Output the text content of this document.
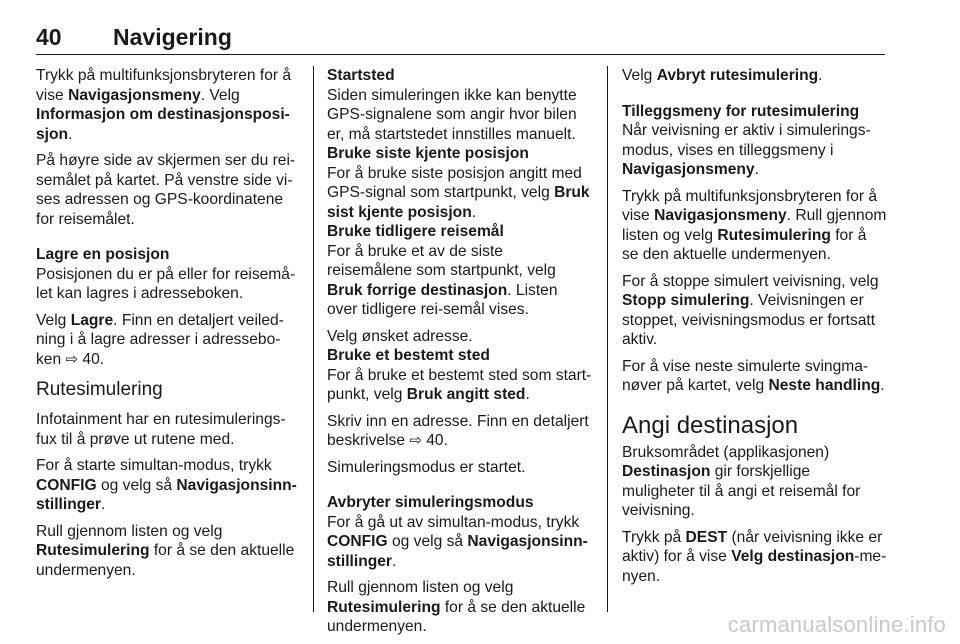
40 Navigering

Trykk på multifunksjonsbryteren for å vise Navigasjonsmeny. Velg Informasjon om destinasjonsposi-sjon.

På høyre side av skjermen ser du rei-semålet på kartet. På venstre side vi-ses adressen og GPS-koordinatene for reisemålet.

Lagre en posisjon

Posisjonen du er på eller for reisemå-let kan lagres i adresseboken.

Velg Lagre. Finn en detaljert veiled-ning i å lagre adresser i adressebo-ken ⇨ 40.

Rutesimulering

Infotainment har en rutesimulerings-fux til å prøve ut rutene med.

For å starte simultan-modus, trykk CONFIG og velg så Navigasjonsinn-stillinger.

Rull gjennom listen og velg Rutesimulering for å se den aktuelle undermenyen.

Startsted

Siden simuleringen ikke kan benytte GPS-signalene som angir hvor bilen er, må startstedet innstilles manuelt.

Bruke siste kjente posisjon

For å bruke siste posisjon angitt med GPS-signal som startpunkt, velg Bruk sist kjente posisjon.

Bruke tidligere reisemål

For å bruke et av de siste reisemålene som startpunkt, velg Bruk forrige destinasjon. Listen over tidligere rei-semål vises.

Velg ønsket adresse.

Bruke et bestemt sted

For å bruke et bestemt sted som start-punkt, velg Bruk angitt sted.

Skriv inn en adresse. Finn en detaljert beskrivelse ⇨ 40.

Simuleringsmodus er startet.

Avbryter simuleringsmodus

For å gå ut av simultan-modus, trykk CONFIG og velg så Navigasjonsinn-stillinger.

Rull gjennom listen og velg Rutesimulering for å se den aktuelle undermenyen.

Velg Avbryt rutesimulering.

Tilleggsmeny for rutesimulering

Når veivisning er aktiv i simulerings-modus, vises en tilleggsmeny i Navigasjonsmeny.

Trykk på multifunksjonsbryteren for å vise Navigasjonsmeny. Rull gjennom listen og velg Rutesimulering for å se den aktuelle undermenyen.

For å stoppe simulert veivisning, velg Stopp simulering. Veivisningen er stoppet, veivisningsmodus er fortsatt aktiv.

For å vise neste simulerte svingma-nøver på kartet, velg Neste handling.

Angi destinasjon

Bruksområdet (applikasjonen)

Destinasjon gir forskjellige muligheter til å angi et reisemål for veivisning.

Trykk på DEST (når veivisning ikke er aktiv) for å vise Velg destinasjon-me-nyen.

carmanualsonline.info
